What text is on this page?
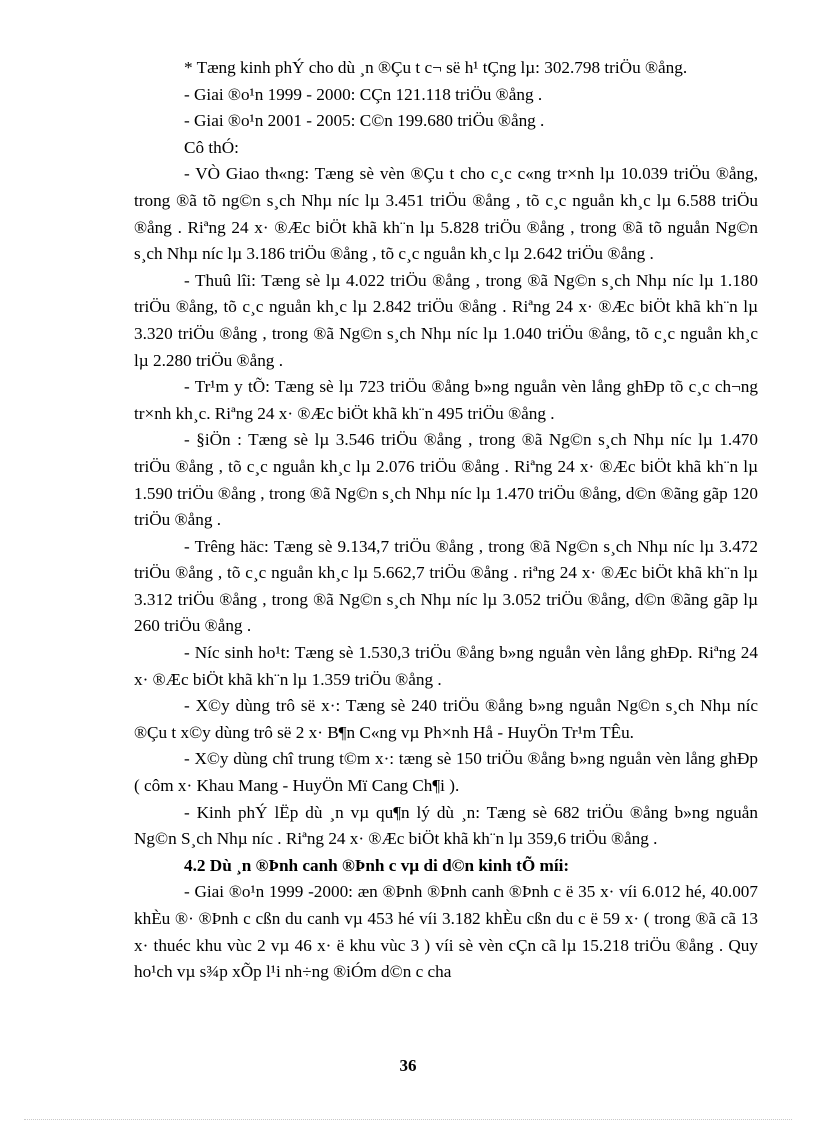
* Tæng kinh phÝ cho dù ¸n ®Çu t c¬ së h¹ tÇng lµ: 302.798 triÖu ®ång.

- Giai ®o¹n 1999 - 2000: CÇn 121.118 triÖu ®ång .

- Giai ®o¹n 2001 - 2005: C©n 199.680 triÖu ®ång .

Cô thÓ:

- VÒ Giao th«ng: Tæng sè vèn ®Çu t cho c¸c c«ng tr×nh lµ 10.039 triÖu ®ång, trong ®ã tõ ng©n s¸ch Nhµ níc lµ 3.451 triÖu ®ång , tõ c¸c nguån kh¸c lµ 6.588 triÖu ®ång . Riªng 24 x· ®Æc biÖt khã kh¨n lµ 5.828 triÖu ®ång , trong ®ã tõ nguån Ng©n s¸ch Nhµ níc lµ 3.186 triÖu ®ång , tõ c¸c nguån kh¸c lµ 2.642 triÖu ®ång .

- Thuû lîi: Tæng sè lµ 4.022 triÖu ®ång , trong ®ã Ng©n s¸ch Nhµ níc lµ 1.180 triÖu ®ång, tõ c¸c nguån kh¸c lµ 2.842 triÖu ®ång . Riªng 24 x· ®Æc biÖt khã kh¨n lµ 3.320 triÖu ®ång , trong ®ã Ng©n s¸ch Nhµ níc lµ 1.040 triÖu ®ång, tõ c¸c nguån kh¸c lµ 2.280 triÖu ®ång .

- Tr¹m y tÕ: Tæng sè lµ 723 triÖu ®ång b»ng nguån vèn lång ghÐp tõ c¸c ch¬ng tr×nh kh¸c. Riªng 24 x· ®Æc biÖt khã kh¨n 495 triÖu ®ång .

- §iÖn : Tæng sè lµ 3.546 triÖu ®ång , trong ®ã Ng©n s¸ch Nhµ níc lµ 1.470 triÖu ®ång , tõ c¸c nguån kh¸c lµ 2.076 triÖu ®ång . Riªng 24 x· ®Æc biÖt khã kh¨n lµ 1.590 triÖu ®ång , trong ®ã Ng©n s¸ch Nhµ níc lµ 1.470 triÖu ®ång, d©n ®ãng gãp 120 triÖu ®ång .

- Trêng häc: Tæng sè 9.134,7 triÖu ®ång , trong ®ã Ng©n s¸ch Nhµ níc lµ 3.472 triÖu ®ång , tõ c¸c nguån kh¸c lµ 5.662,7 triÖu ®ång . riªng 24 x· ®Æc biÖt khã kh¨n lµ 3.312 triÖu ®ång , trong ®ã Ng©n s¸ch Nhµ níc lµ 3.052 triÖu ®ång, d©n ®ãng gãp lµ 260 triÖu ®ång .

- Níc sinh ho¹t: Tæng sè 1.530,3 triÖu ®ång b»ng nguån vèn lång ghÐp. Riªng 24 x· ®Æc biÖt khã kh¨n lµ 1.359 triÖu ®ång .

- X©y dùng trô së x·: Tæng sè 240 triÖu ®ång b»ng nguån Ng©n s¸ch Nhµ níc ®Çu t x©y dùng trô së 2 x· B¶n C«ng vµ Ph×nh Hå - HuyÖn Tr¹m TÊu.

- X©y dùng chî trung t©m x·: tæng sè 150 triÖu ®ång b»ng nguån vèn lång ghÐp ( côm x· Khau Mang - HuyÖn Mï Cang Ch¶i ).

- Kinh phÝ lËp dù ¸n vµ qu¶n lý dù ¸n: Tæng sè 682 triÖu ®ång b»ng nguån Ng©n S¸ch Nhµ níc . Riªng 24 x· ®Æc biÖt khã kh¨n lµ 359,6 triÖu ®ång .

4.2 Dù ¸n ®Þnh canh ®Þnh c vµ di d©n kinh tÕ míi:

- Giai ®o¹n 1999 -2000: æn ®Þnh ®Þnh canh ®Þnh c ë 35 x· víi 6.012 hé, 40.007 khÈu ®· ®Þnh c cßn du canh vµ 453 hé víi 3.182 khÈu cßn du c ë 59 x· ( trong ®ã cã 13 x· thuéc khu vùc 2 vµ 46 x· ë khu vùc 3 ) víi sè vèn cÇn cã lµ 15.218 triÖu ®ång . Quy ho¹ch vµ s¾p xÕp l¹i nh÷ng ®iÓm d©n c cha

36
